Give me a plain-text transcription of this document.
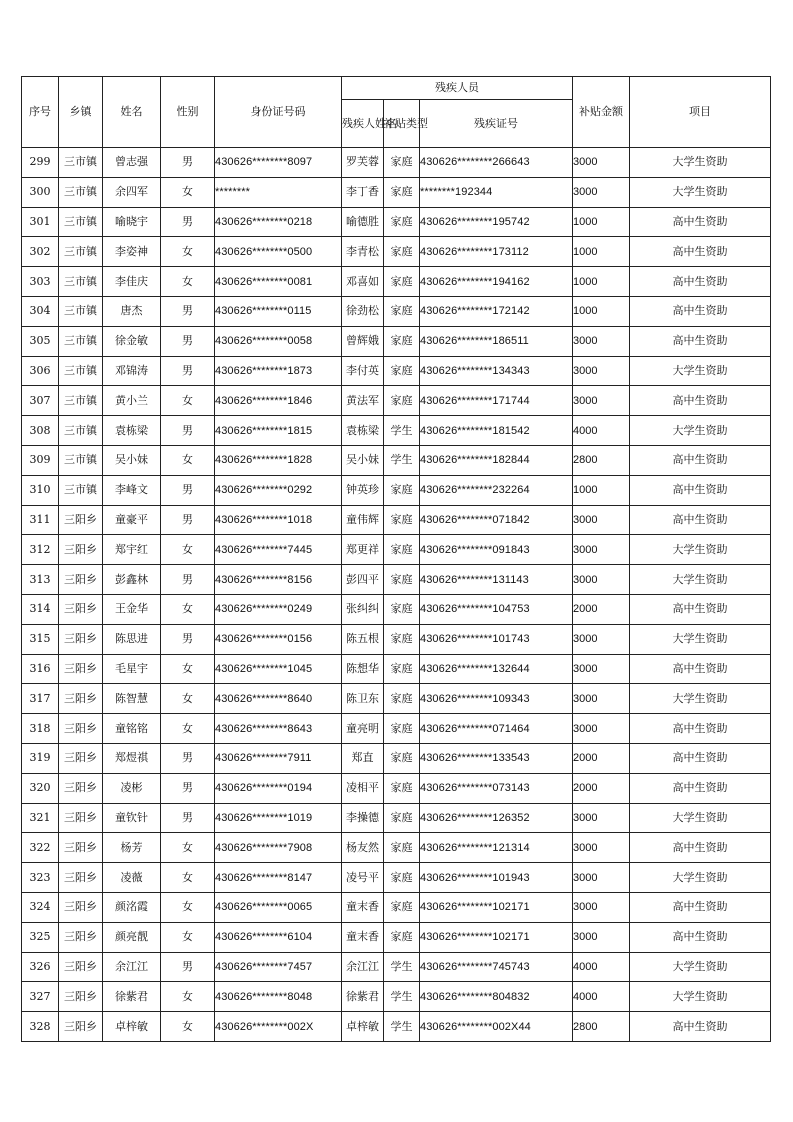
序号	乡镇	姓名	性别	身份证号码	残疾人员			补贴金额	项目
					残疾人姓名	补贴类型	残疾证号		
299	三市镇	曾志强	男	430626********8097	罗芙蓉	家庭	430626********266643	3000	大学生资助
300	三市镇	余四军	女	********	李丁香	家庭	********192344	3000	大学生资助
301	三市镇	喻晓宇	男	430626********0218	喻德胜	家庭	430626********195742	1000	高中生资助
302	三市镇	李姿神	女	430626********0500	李青松	家庭	430626********173112	1000	高中生资助
303	三市镇	李佳庆	女	430626********0081	邓喜如	家庭	430626********194162	1000	高中生资助
304	三市镇	唐杰	男	430626********0115	徐劲松	家庭	430626********172142	1000	高中生资助
305	三市镇	徐金敏	男	430626********0058	曾辉娥	家庭	430626********186511	3000	高中生资助
306	三市镇	邓锦涛	男	430626********1873	李付英	家庭	430626********134343	3000	大学生资助
307	三市镇	黄小兰	女	430626********1846	黄法军	家庭	430626********171744	3000	高中生资助
308	三市镇	袁栋梁	男	430626********1815	袁栋梁	学生	430626********181542	4000	大学生资助
309	三市镇	吴小妹	女	430626********1828	吴小妹	学生	430626********182844	2800	高中生资助
310	三市镇	李峰文	男	430626********0292	钟英珍	家庭	430626********232264	1000	高中生资助
311	三阳乡	童豪平	男	430626********1018	童伟辉	家庭	430626********071842	3000	高中生资助
312	三阳乡	郑宇红	女	430626********7445	郑更祥	家庭	430626********091843	3000	大学生资助
313	三阳乡	彭鑫林	男	430626********8156	彭四平	家庭	430626********131143	3000	大学生资助
314	三阳乡	王金华	女	430626********0249	张纠纠	家庭	430626********104753	2000	高中生资助
315	三阳乡	陈思进	男	430626********0156	陈五根	家庭	430626********101743	3000	大学生资助
316	三阳乡	毛星宇	女	430626********1045	陈想华	家庭	430626********132644	3000	高中生资助
317	三阳乡	陈智慧	女	430626********8640	陈卫东	家庭	430626********109343	3000	大学生资助
318	三阳乡	童铭铭	女	430626********8643	童亮明	家庭	430626********071464	3000	高中生资助
319	三阳乡	郑煜祺	男	430626********7911	郑直	家庭	430626********133543	2000	高中生资助
320	三阳乡	凌彬	男	430626********0194	凌相平	家庭	430626********073143	2000	高中生资助
321	三阳乡	童钦针	男	430626********1019	李操德	家庭	430626********126352	3000	大学生资助
322	三阳乡	杨芳	女	430626********7908	杨友然	家庭	430626********121314	3000	高中生资助
323	三阳乡	凌薇	女	430626********8147	凌号平	家庭	430626********101943	3000	大学生资助
324	三阳乡	颜洺霞	女	430626********0065	童末香	家庭	430626********102171	3000	高中生资助
325	三阳乡	颜亮靓	女	430626********6104	童末香	家庭	430626********102171	3000	高中生资助
326	三阳乡	余江江	男	430626********7457	余江江	学生	430626********745743	4000	大学生资助
327	三阳乡	徐紫君	女	430626********8048	徐紫君	学生	430626********804832	4000	大学生资助
328	三阳乡	卓梓敏	女	430626********002X	卓梓敏	学生	430626********002X44	2800	高中生资助
